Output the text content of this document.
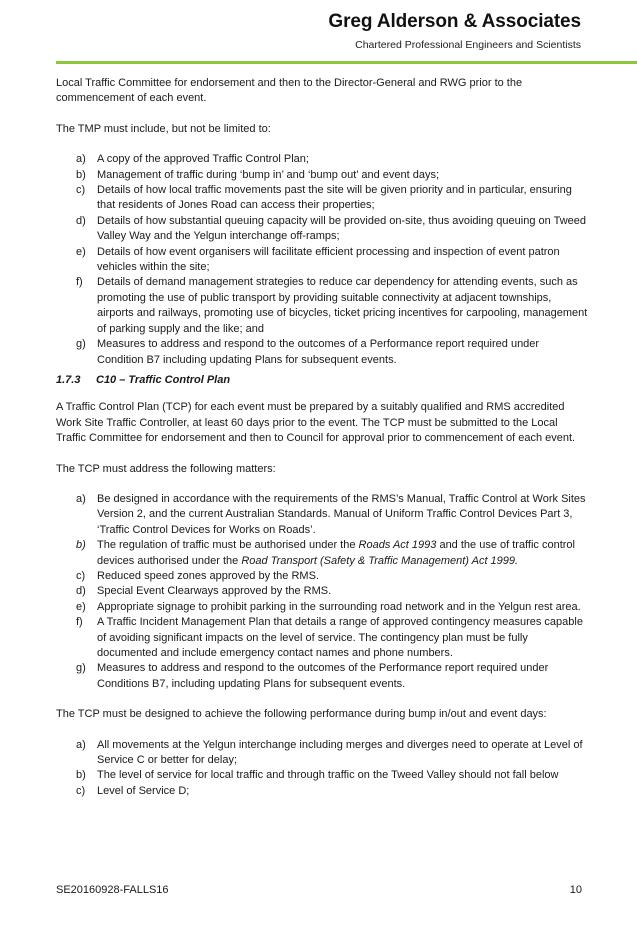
Greg Alderson & Associates
Chartered Professional Engineers and Scientists

Local Traffic Committee for endorsement and then to the Director-General and RWG prior to the commencement of each event.

The TMP must include, but not be limited to:

a) A copy of the approved Traffic Control Plan;
b) Management of traffic during ‘bump in’ and ‘bump out’ and event days;
c) Details of how local traffic movements past the site will be given priority and in particular, ensuring that residents of Jones Road can access their properties;
d) Details of how substantial queuing capacity will be provided on-site, thus avoiding queuing on Tweed Valley Way and the Yelgun interchange off-ramps;
e) Details of how event organisers will facilitate efficient processing and inspection of event patron vehicles within the site;
f) Details of demand management strategies to reduce car dependency for attending events, such as promoting the use of public transport by providing suitable connectivity at adjacent townships, airports and railways, promoting use of bicycles, ticket pricing incentives for carpooling, management of parking supply and the like; and
g) Measures to address and respond to the outcomes of a Performance report required under Condition B7 including updating Plans for subsequent events.
1.7.3	C10 – Traffic Control Plan

A Traffic Control Plan (TCP) for each event must be prepared by a suitably qualified and RMS accredited Work Site Traffic Controller, at least 60 days prior to the event. The TCP must be submitted to the Local Traffic Committee for endorsement and then to Council for approval prior to commencement of each event.

The TCP must address the following matters:

a) Be designed in accordance with the requirements of the RMS’s Manual, Traffic Control at Work Sites Version 2, and the current Australian Standards. Manual of Uniform Traffic Control Devices Part 3, ‘Traffic Control Devices for Works on Roads’.
b) The regulation of traffic must be authorised under the Roads Act 1993 and the use of traffic control devices authorised under the Road Transport (Safety & Traffic Management) Act 1999.
c) Reduced speed zones approved by the RMS.
d) Special Event Clearways approved by the RMS.
e) Appropriate signage to prohibit parking in the surrounding road network and in the Yelgun rest area.
f) A Traffic Incident Management Plan that details a range of approved contingency measures capable of avoiding significant impacts on the level of service. The contingency plan must be fully documented and include emergency contact names and phone numbers.
g) Measures to address and respond to the outcomes of the Performance report required under Conditions B7, including updating Plans for subsequent events.

The TCP must be designed to achieve the following performance during bump in/out and event days:

a) All movements at the Yelgun interchange including merges and diverges need to operate at Level of Service C or better for delay;
b) The level of service for local traffic and through traffic on the Tweed Valley should not fall below
c) Level of Service D;
SE20160928-FALLS16	10
